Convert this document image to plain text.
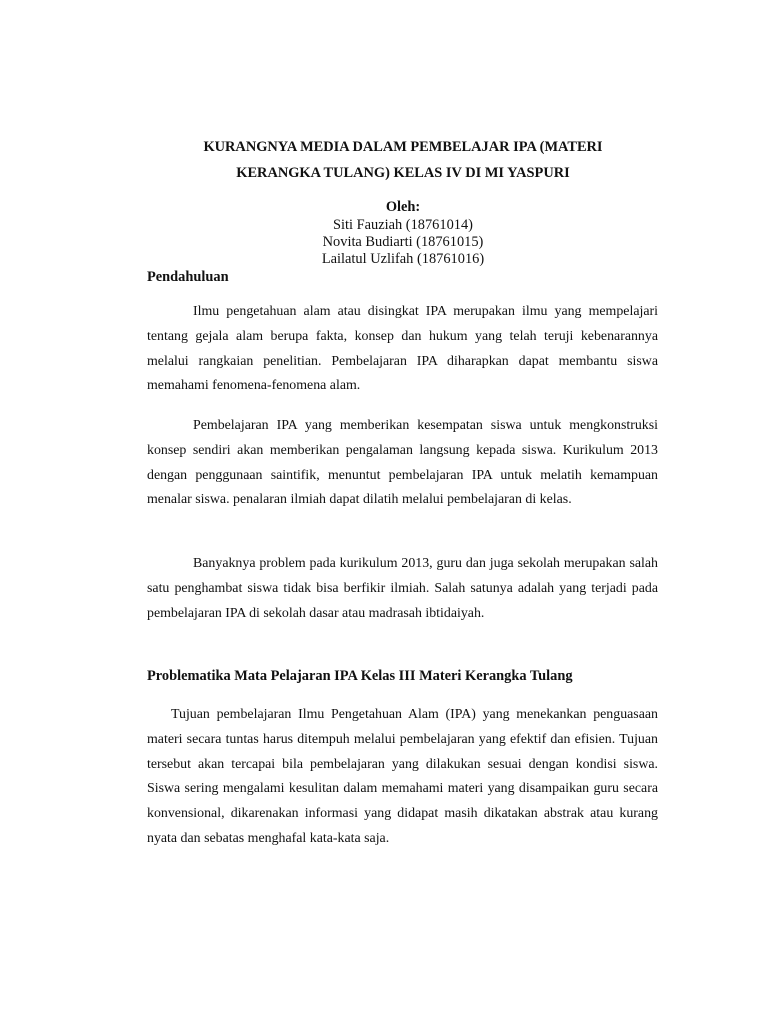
KURANGNYA MEDIA DALAM PEMBELAJAR IPA (MATERI
KERANGKA TULANG) KELAS IV DI MI YASPURI
Oleh:
Siti Fauziah (18761014)
Novita Budiarti (18761015)
Lailatul Uzlifah (18761016)
Pendahuluan

Ilmu pengetahuan alam atau disingkat IPA merupakan ilmu yang mempelajari tentang gejala alam berupa fakta, konsep dan hukum yang telah teruji kebenarannya melalui rangkaian penelitian. Pembelajaran IPA diharapkan dapat membantu siswa memahami fenomena-fenomena alam.

Pembelajaran IPA yang memberikan kesempatan siswa untuk mengkonstruksi konsep sendiri akan memberikan pengalaman langsung kepada siswa. Kurikulum 2013 dengan penggunaan saintifik, menuntut pembelajaran IPA untuk melatih kemampuan menalar siswa. penalaran ilmiah dapat dilatih melalui pembelajaran di kelas.

Banyaknya problem pada kurikulum 2013, guru dan juga sekolah merupakan salah satu penghambat siswa tidak bisa berfikir ilmiah. Salah satunya adalah yang terjadi pada pembelajaran IPA di sekolah dasar atau madrasah ibtidaiyah.

Problematika Mata Pelajaran IPA Kelas III Materi Kerangka Tulang

Tujuan pembelajaran Ilmu Pengetahuan Alam (IPA) yang menekankan penguasaan materi secara tuntas harus ditempuh melalui pembelajaran yang efektif dan efisien. Tujuan tersebut akan tercapai bila pembelajaran yang dilakukan sesuai dengan kondisi siswa. Siswa sering mengalami kesulitan dalam memahami materi yang disampaikan guru secara konvensional, dikarenakan informasi yang didapat masih dikatakan abstrak atau kurang nyata dan sebatas menghafal kata-kata saja.
